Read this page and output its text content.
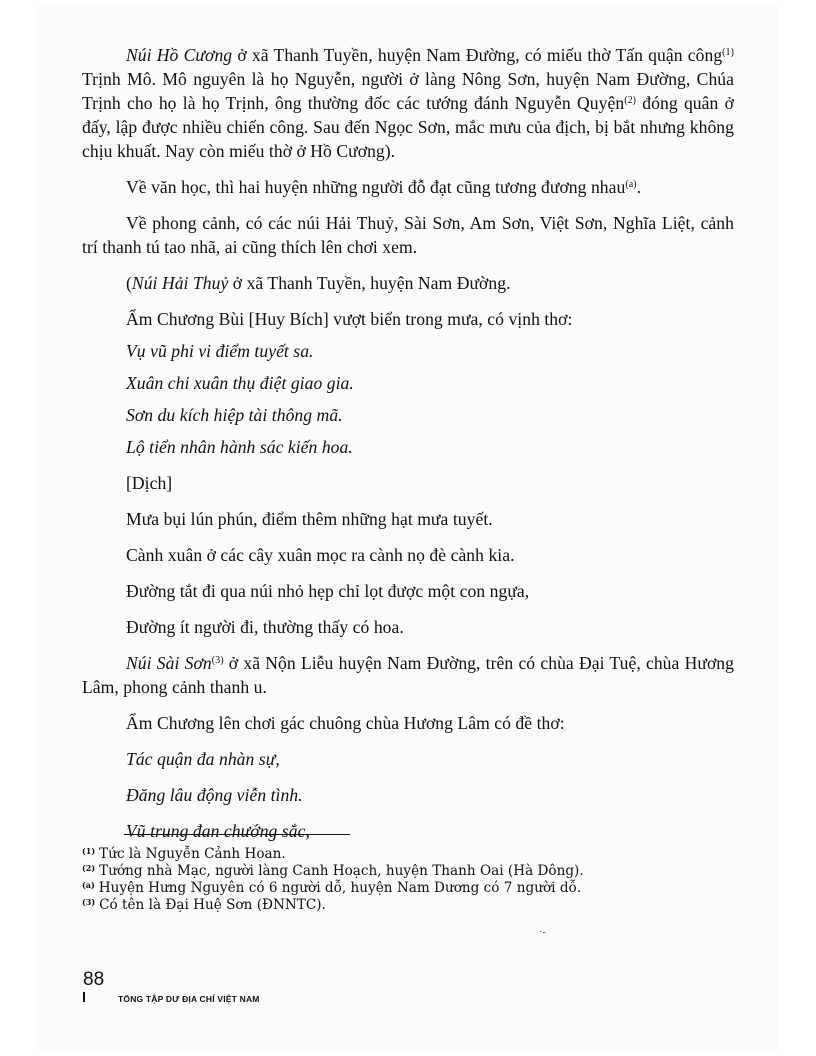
Núi Hồ Cương ở xã Thanh Tuyền, huyện Nam Đường, có miếu thờ Tấn quận công$^{(1)}$ Trịnh Mô. Mô nguyên là họ Nguyễn, người ở làng Nông Sơn, huyện Nam Đường, Chúa Trịnh cho họ là họ Trịnh, ông thường đốc các tướng đánh Nguyễn Quyện$^{(2)}$ đóng quân ở đấy, lập được nhiều chiến công. Sau đến Ngọc Sơn, mắc mưu của địch, bị bắt nhưng không chịu khuất. Nay còn miếu thờ ở Hồ Cương).

Về văn học, thì hai huyện những người đỗ đạt cũng tương đương nhau$^{(a)}$.

Về phong cảnh, có các núi Hải Thuỷ, Sài Sơn, Am Sơn, Việt Sơn, Nghĩa Liệt, cảnh trí thanh tú tao nhã, ai cũng thích lên chơi xem.

(Núi Hải Thuỷ ở xã Thanh Tuyền, huyện Nam Đường.

Ẩm Chương Bùi [Huy Bích] vượt biển trong mưa, có vịnh thơ:

Vụ vũ phi vi điểm tuyết sa.

Xuân chi xuân thụ điệt giao gia.

Sơn du kích hiệp tài thông mã.

Lộ tiển nhân hành sác kiến hoa.

[Dịch]

Mưa bụi lún phún, điểm thêm những hạt mưa tuyết.

Cành xuân ở các cây xuân mọc ra cành nọ đè cành kia.

Đường tắt đi qua núi nhỏ hẹp chỉ lọt được một con ngựa,

Đường ít người đi, thường thấy có hoa.

Núi Sài Sơn$^{(3)}$ ở xã Nộn Liễu huyện Nam Đường, trên có chùa Đại Tuệ, chùa Hương Lâm, phong cảnh thanh u.

Ẩm Chương lên chơi gác chuông chùa Hương Lâm có đề thơ:

Tác quận đa nhàn sự,

Đăng lâu động viễn tình.

Vũ trung đan chướng sắc,

$^{(1)}$ Tức là Nguyễn Cảnh Hoan.

$^{(2)}$ Tướng nhà Mạc, người làng Canh Hoạch, huyện Thanh Oai (Hà Dông).

$^{(a)}$ Huyện Hưng Nguyên có 6 người dỗ, huyện Nam Dương có 7 người dỗ.

$^{(3)}$ Có tên là Đại Huệ Sơn (ĐNNTC).

·-
88
TỔNG TẬP DƯ ĐỊA CHÍ VIỆT NAM
